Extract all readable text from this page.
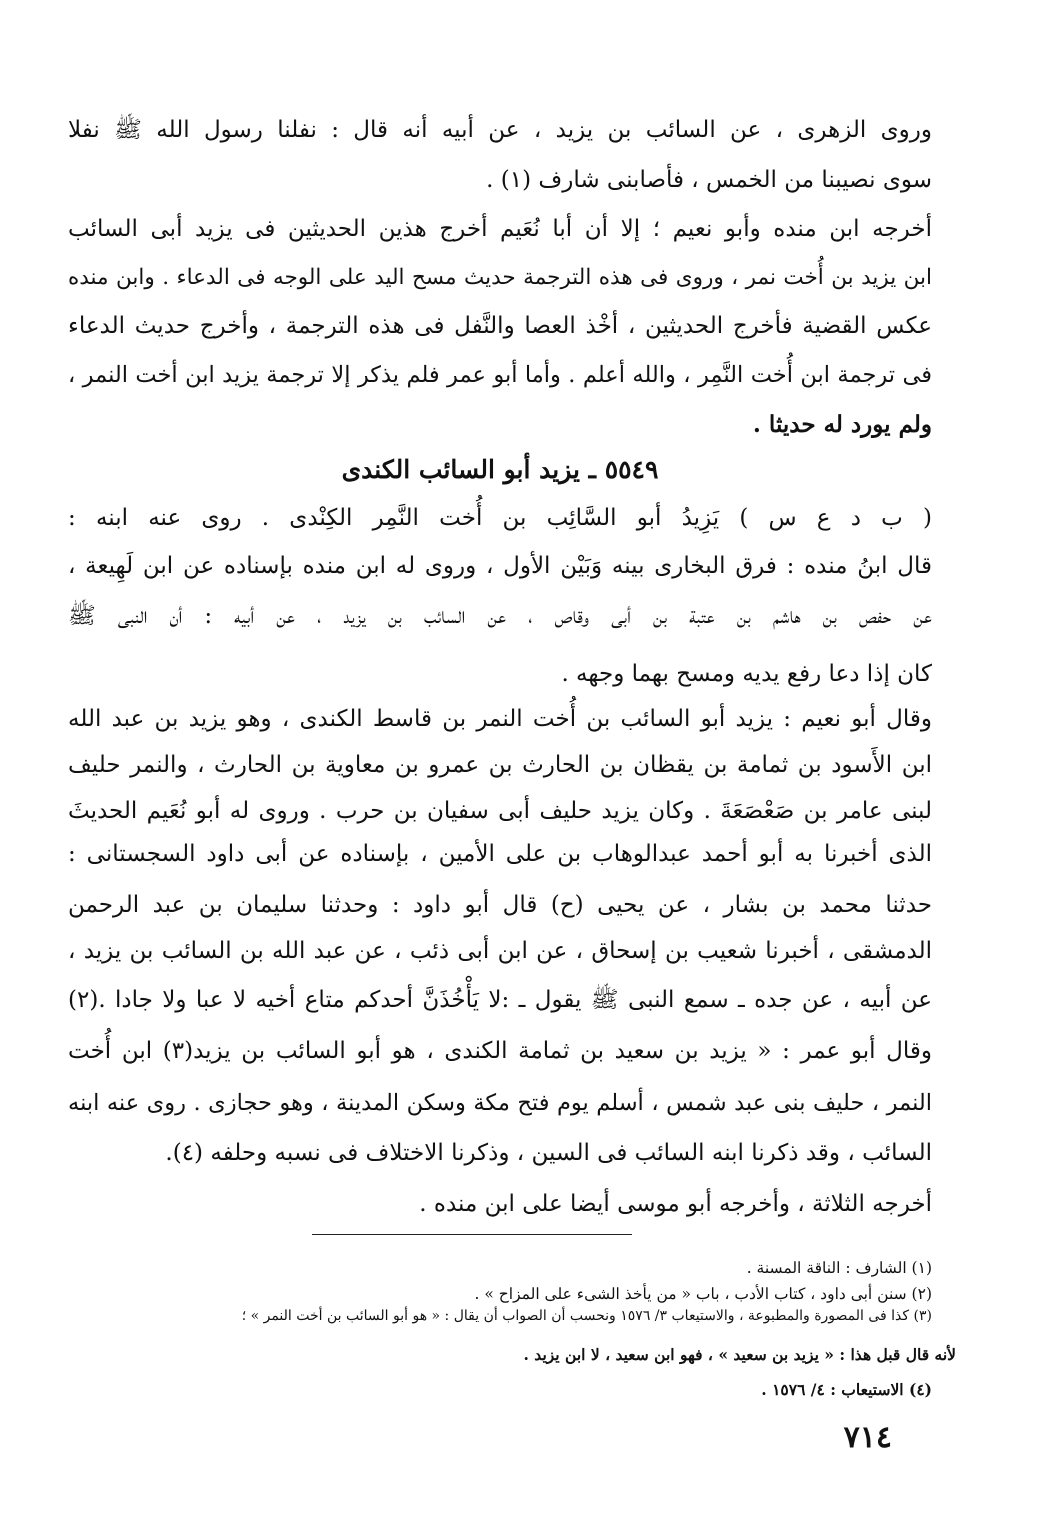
وروى الزهرى ، عن السائب بن يزيد ، عن أبيه أنه قال : نفلنا رسول الله ﷺ نفلا
سوى نصيبنا من الخمس ، فأصابنى شارف (١) .
أخرجه ابن منده وأبو نعيم ؛ إلا أن أبا نُعَيم أخرج هذين الحديثين فى يزيد أبى السائب
ابن يزيد بن أُخت نمر ، وروى فى هذه الترجمة حديث مسح اليد على الوجه فى الدعاء . وابن منده
عكس القضية فأخرج الحديثين ، أخْذ العصا والنَّفل فى هذه الترجمة ، وأخرج حديث الدعاء
فى ترجمة ابن أُخت النَّمِر ، والله أعلم . وأما أبو عمر فلم يذكر إلا ترجمة يزيد ابن أخت النمر ،
ولم يورد له حديثا .
٥٥٤٩ ـ يزيد أبو السائب الكندى
( ب د ع س ) يَزِيدُ أبو السَّائِب بن أُخت النَّمِر الكِنْدى . روى عنه ابنه :
قال ابنُ منده : فرق البخارى بينه وَبَيْن الأول ، وروى له ابن منده بإسناده عن ابن لَهِيعة ،
عن حفص بن هاشم بن عتبة بن أبى وقاص ، عن السائب بن يزيد ، عن أبيه : أن النبى ﷺ
كان إذا دعا رفع يديه ومسح بهما وجهه .
وقال أبو نعيم : يزيد أبو السائب بن أُخت النمر بن قاسط الكندى ، وهو يزيد بن عبد الله
ابن الأَسود بن ثمامة بن يقظان بن الحارث بن عمرو بن معاوية بن الحارث ، والنمر حليف
لبنى عامر بن صَعْصَعَةَ . وكان يزيد حليف أبى سفيان بن حرب . وروى له أبو نُعَيم الحديثَ
الذى أخبرنا به أبو أحمد عبدالوهاب بن على الأمين ، بإسناده عن أبى داود السجستانى :
حدثنا محمد بن بشار ، عن يحيى (ح) قال أبو داود : وحدثنا سليمان بن عبد الرحمن
الدمشقى ، أخبرنا شعيب بن إسحاق ، عن ابن أبى ذئب ، عن عبد الله بن السائب بن يزيد ،
عن أبيه ، عن جده ـ سمع النبى ﷺ يقول ـ :لا يَأْخُذَنَّ أحدكم متاع أخيه لا عبا ولا جادا .(٢)
وقال أبو عمر : « يزيد بن سعيد بن ثمامة الكندى ، هو أبو السائب بن يزيد(٣) ابن أُخت
النمر ، حليف بنى عبد شمس ، أسلم يوم فتح مكة وسكن المدينة ، وهو حجازى . روى عنه ابنه
السائب ، وقد ذكرنا ابنه السائب فى السين ، وذكرنا الاختلاف فى نسبه وحلفه (٤).
أخرجه الثلاثة ، وأخرجه أبو موسى أيضا على ابن منده .
(١) الشارف : الناقة المسنة .
(٢) سنن أبى داود ، كتاب الأدب ، باب « من يأخذ الشىء على المزاح » .
(٣) كذا فى المصورة والمطبوعة ، والاستيعاب ٣/ ١٥٧٦ ونحسب أن الصواب أن يقال : « هو أبو السائب بن أخت النمر » ؛
لأنه قال قبل هذا : « يزيد بن سعيد » ، فهو ابن سعيد ، لا ابن يزيد .
(٤) الاستيعاب : ٤/ ١٥٧٦ .
٧١٤
